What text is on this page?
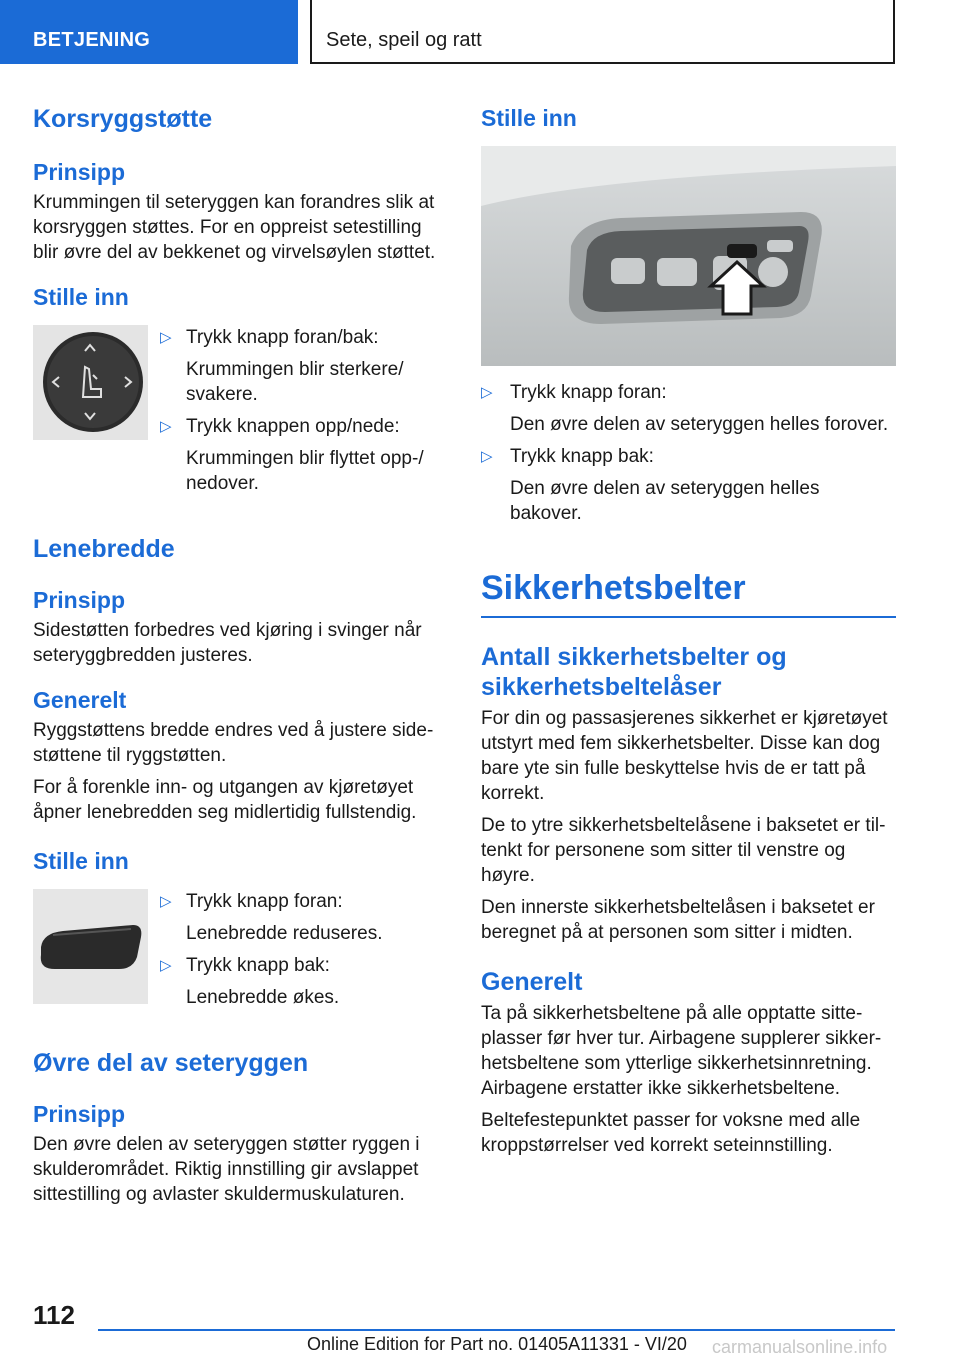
BETJENING	Sete, speil og ratt
Korsryggstøtte
Prinsipp

Krummingen til seteryggen kan forandres slik at korsryggen støttes. For en oppreist setestilling blir øvre del av bekkenet og virvelsøylen støttet.

Stille inn
▷ Trykk knapp foran/bak:

Krummingen blir sterkere/ svakere.

▷ Trykk knappen opp/nede:

Krummingen blir flyttet opp-/ nedover.

Lenebredde
Prinsipp

Sidestøtten forbedres ved kjøring i svinger når seteryggbredden justeres.

Generelt

Ryggstøttens bredde endres ved å justere sidestøttene til ryggstøtten.

For å forenkle inn- og utgangen av kjøretøyet åpner lenebredden seg midlertidig fullstendig.

Stille inn
▷ Trykk knapp foran:

Lenebredde reduseres.

▷ Trykk knapp bak:

Lenebredde økes.

Øvre del av seteryggen
Prinsipp

Den øvre delen av seteryggen støtter ryggen i skulderområdet. Riktig innstilling gir avslappet sittestilling og avlaster skuldermuskulaturen.

Stille inn
▷ Trykk knapp foran:

Den øvre delen av seteryggen helles forover.

▷ Trykk knapp bak:

Den øvre delen av seteryggen helles bakover.

Sikkerhetsbelter
Antall sikkerhetsbelter og sikkerhetsbeltelåser

For din og passasjerenes sikkerhet er kjøretøyet utstyrt med fem sikkerhetsbelter. Disse kan dog bare yte sin fulle beskyttelse hvis de er tatt på korrekt.

De to ytre sikkerhetsbeltelåsene i baksetet er tiltenkt for personene som sitter til venstre og høyre.

Den innerste sikkerhetsbeltelåsen i baksetet er beregnet på at personen som sitter i midten.

Generelt

Ta på sikkerhetsbeltene på alle opptatte sitteplasser før hver tur. Airbagene supplerer sikkerhetsbeltene som ytterlige sikkerhetsinnretning. Airbagene erstatter ikke sikkerhetsbeltene.

Beltefestepunktet passer for voksne med alle kroppstørrelser ved korrekt seteinnstilling.

112
Online Edition for Part no. 01405A11331 - VI/20 carmanualsonline.info
